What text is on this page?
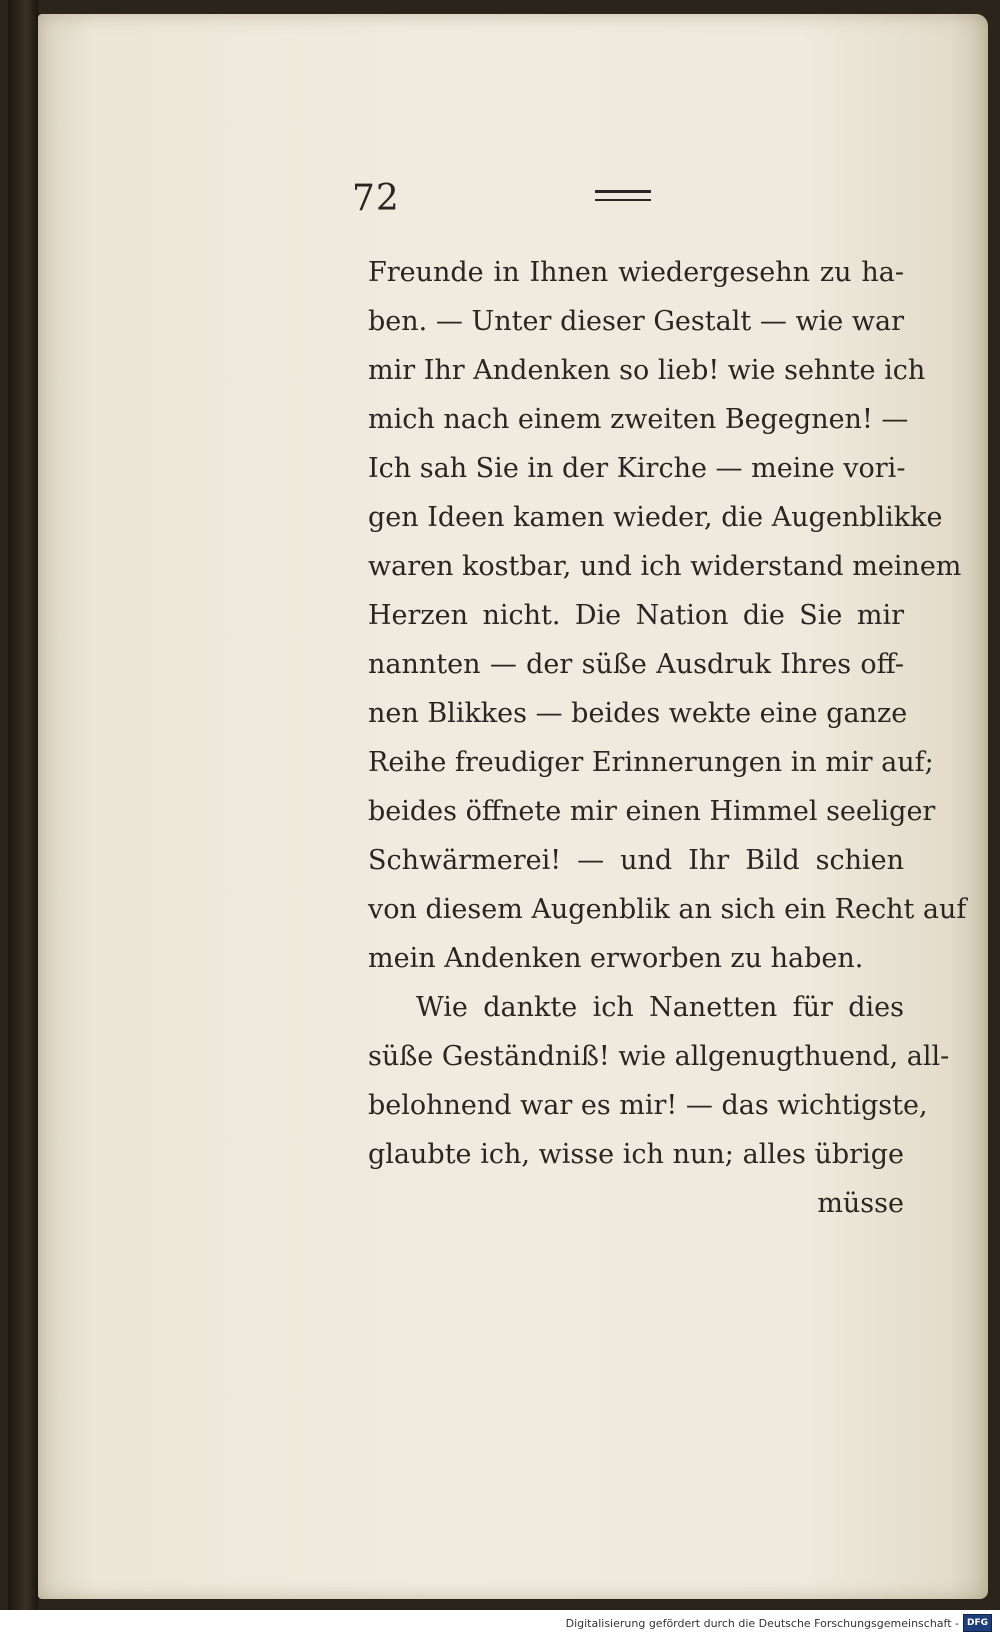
72
Freunde in Ihnen wiedergesehn zu ha-
ben. — Unter dieser Gestalt — wie war
mir Ihr Andenken so lieb! wie sehnte ich
mich nach einem zweiten Begegnen! —
Ich sah Sie in der Kirche — meine vori-
gen Ideen kamen wieder, die Augenblikke
waren kostbar, und ich widerstand meinem
Herzen nicht. Die Nation die Sie mir
nannten — der süße Ausdruk Ihres off-
nen Blikkes — beides wekte eine ganze
Reihe freudiger Erinnerungen in mir auf;
beides öffnete mir einen Himmel seeliger
Schwärmerei! — und Ihr Bild schien
von diesem Augenblik an sich ein Recht auf
mein Andenken erworben zu haben.
Wie dankte ich Nanetten für dies
süße Geständniß! wie allgenugthuend, all-
belohnend war es mir! — das wichtigste,
glaubte ich, wisse ich nun; alles übrige
müsse
Digitalisierung gefördert durch die Deutsche Forschungsgemeinschaft - DFG
